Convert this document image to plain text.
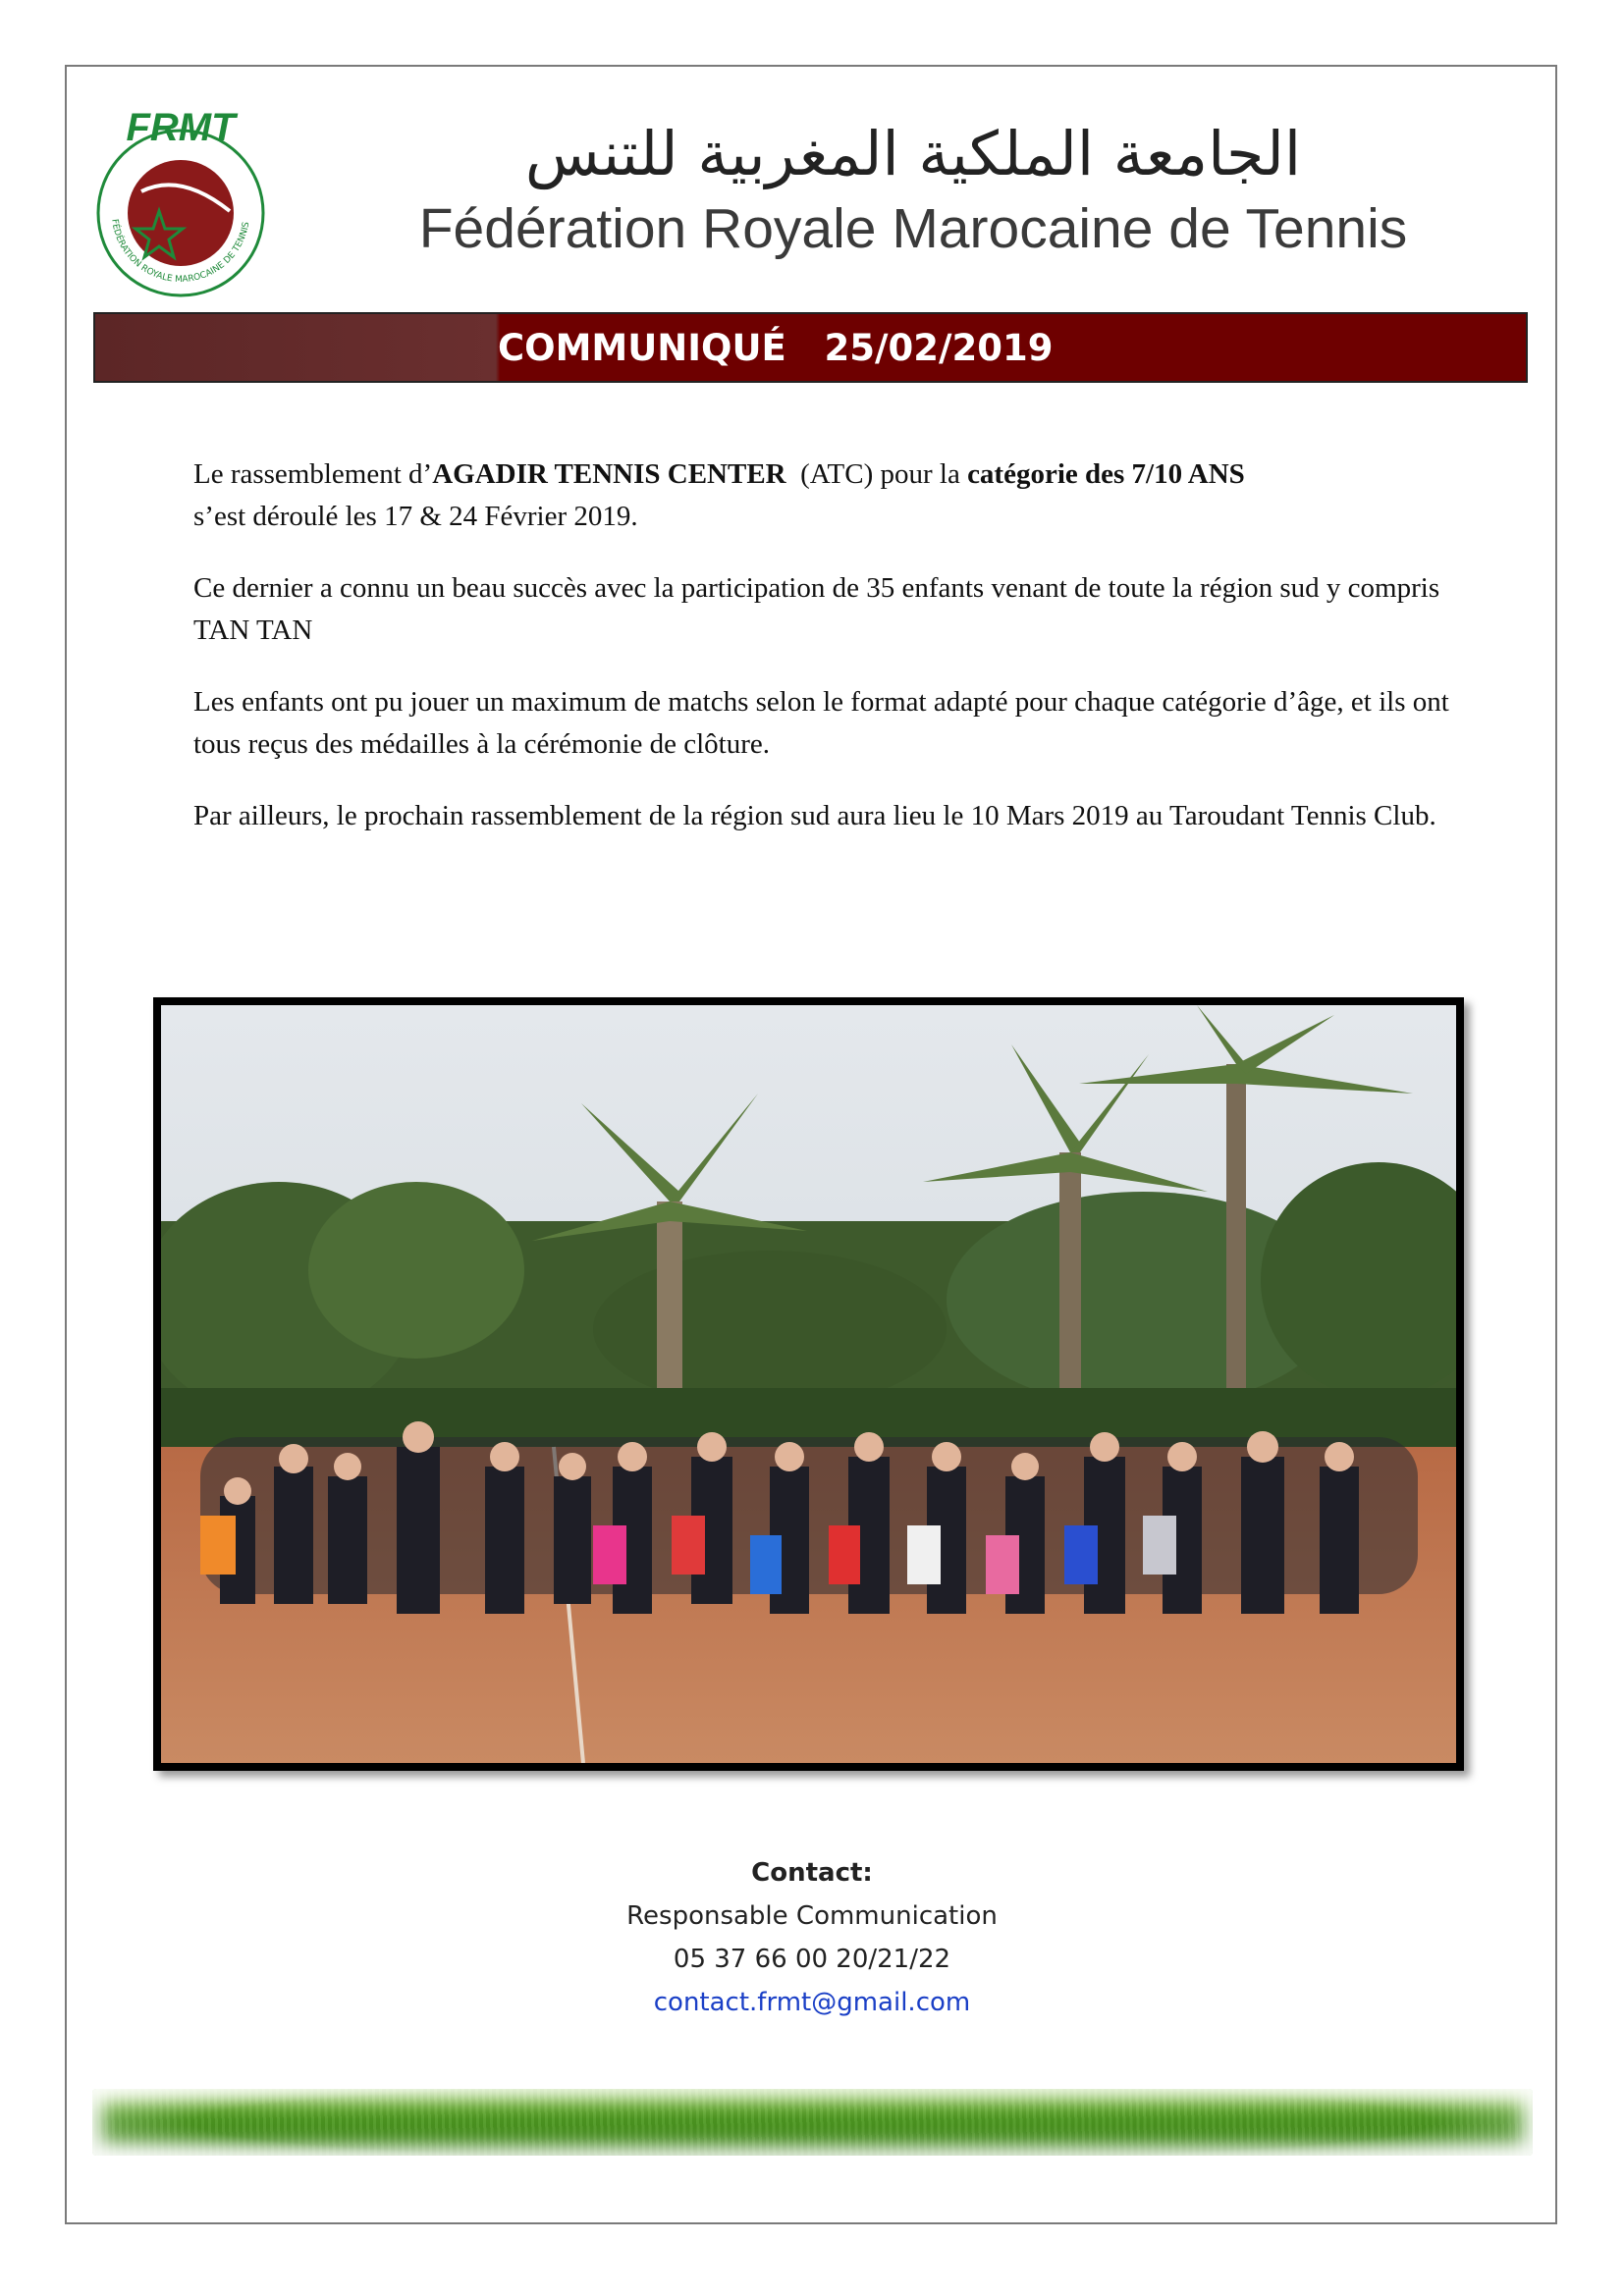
FRMT
FÉDÉRATION ROYALE MAROCAINE DE TENNIS
الجامعة الملكية المغربية للتنس
Fédération Royale Marocaine de Tennis
COMMUNIQUÉ 25/02/2019

Le rassemblement d’AGADIR TENNIS CENTER  (ATC) pour la catégorie des 7/10 ANS
s’est déroulé les 17 & 24 Février 2019.

Ce dernier a connu un beau succès avec la participation de 35 enfants venant de toute la région sud y compris TAN TAN

Les enfants ont pu jouer un maximum de matchs selon le format adapté pour chaque catégorie d’âge, et ils ont tous reçus des médailles à la cérémonie de clôture.

Par ailleurs, le prochain rassemblement de la région sud aura lieu le 10 Mars 2019 au Taroudant Tennis Club.

Contact:
Responsable Communication
05 37 66 00 20/21/22
contact.frmt@gmail.com
